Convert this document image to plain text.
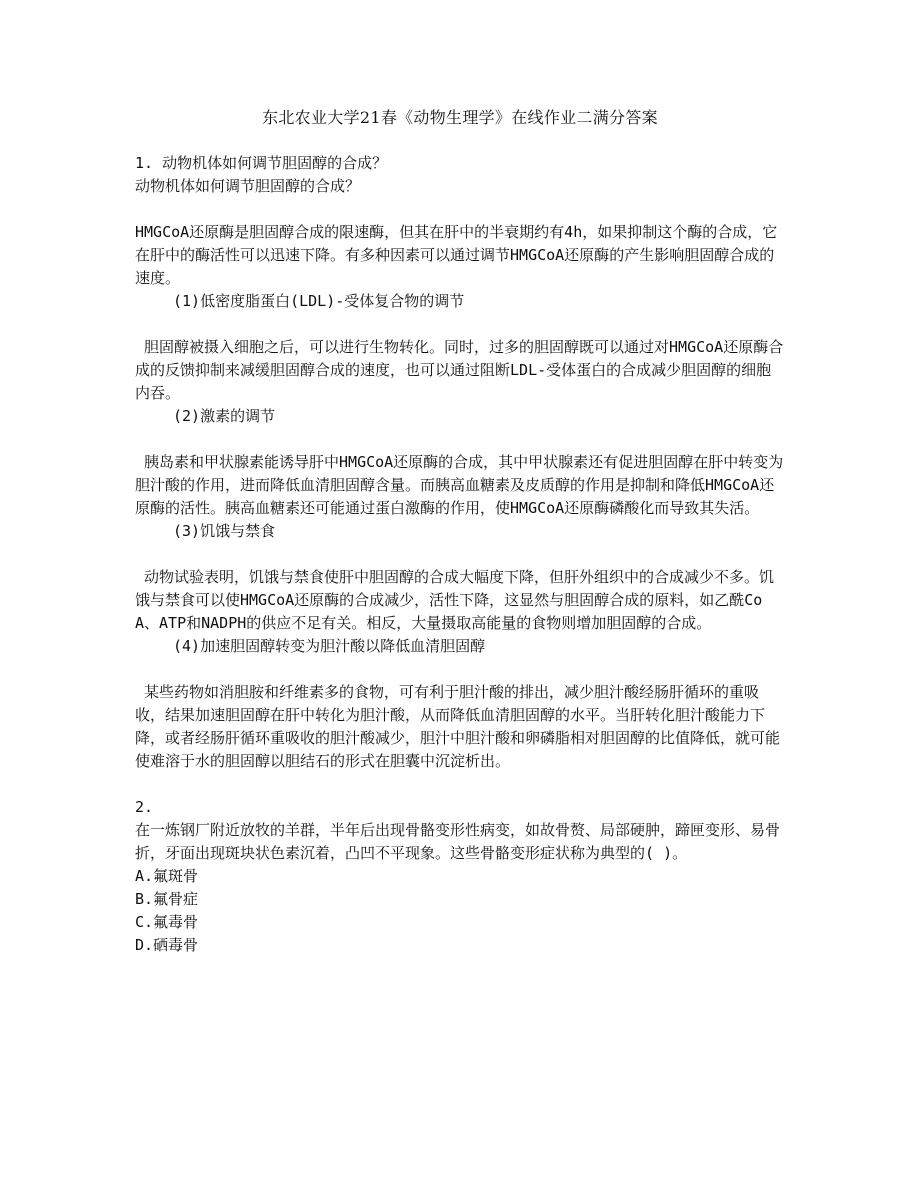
东北农业大学21春《动物生理学》在线作业二满分答案

1. 动物机体如何调节胆固醇的合成？

动物机体如何调节胆固醇的合成？

HMGCoA还原酶是胆固醇合成的限速酶，但其在肝中的半衰期约有4h，如果抑制这个酶的合成，它在肝中的酶活性可以迅速下降。有多种因素可以通过调节HMGCoA还原酶的产生影响胆固醇合成的速度。

(1)低密度脂蛋白(LDL)-受体复合物的调节

胆固醇被摄入细胞之后，可以进行生物转化。同时，过多的胆固醇既可以通过对HMGCoA还原酶合成的反馈抑制来减缓胆固醇合成的速度，也可以通过阻断LDL-受体蛋白的合成减少胆固醇的细胞内吞。

(2)激素的调节

胰岛素和甲状腺素能诱导肝中HMGCoA还原酶的合成，其中甲状腺素还有促进胆固醇在肝中转变为胆汁酸的作用，进而降低血清胆固醇含量。而胰高血糖素及皮质醇的作用是抑制和降低HMGCoA还原酶的活性。胰高血糖素还可能通过蛋白激酶的作用，使HMGCoA还原酶磷酸化而导致其失活。

(3)饥饿与禁食

动物试验表明，饥饿与禁食使肝中胆固醇的合成大幅度下降，但肝外组织中的合成减少不多。饥饿与禁食可以使HMGCoA还原酶的合成减少，活性下降，这显然与胆固醇合成的原料，如乙酰CoA、ATP和NADPH的供应不足有关。相反，大量摄取高能量的食物则增加胆固醇的合成。

(4)加速胆固醇转变为胆汁酸以降低血清胆固醇

某些药物如消胆胺和纤维素多的食物，可有利于胆汁酸的排出，减少胆汁酸经肠肝循环的重吸收，结果加速胆固醇在肝中转化为胆汁酸，从而降低血清胆固醇的水平。当肝转化胆汁酸能力下降，或者经肠肝循环重吸收的胆汁酸减少，胆汁中胆汁酸和卵磷脂相对胆固醇的比值降低，就可能使难溶于水的胆固醇以胆结石的形式在胆囊中沉淀析出。

2.

在一炼钢厂附近放牧的羊群，半年后出现骨骼变形性病变，如故骨赘、局部硬肿，蹄匣变形、易骨折，牙面出现斑块状色素沉着，凸凹不平现象。这些骨骼变形症状称为典型的( )。

A.氟斑骨

B.氟骨症

C.氟毒骨

D.硒毒骨
